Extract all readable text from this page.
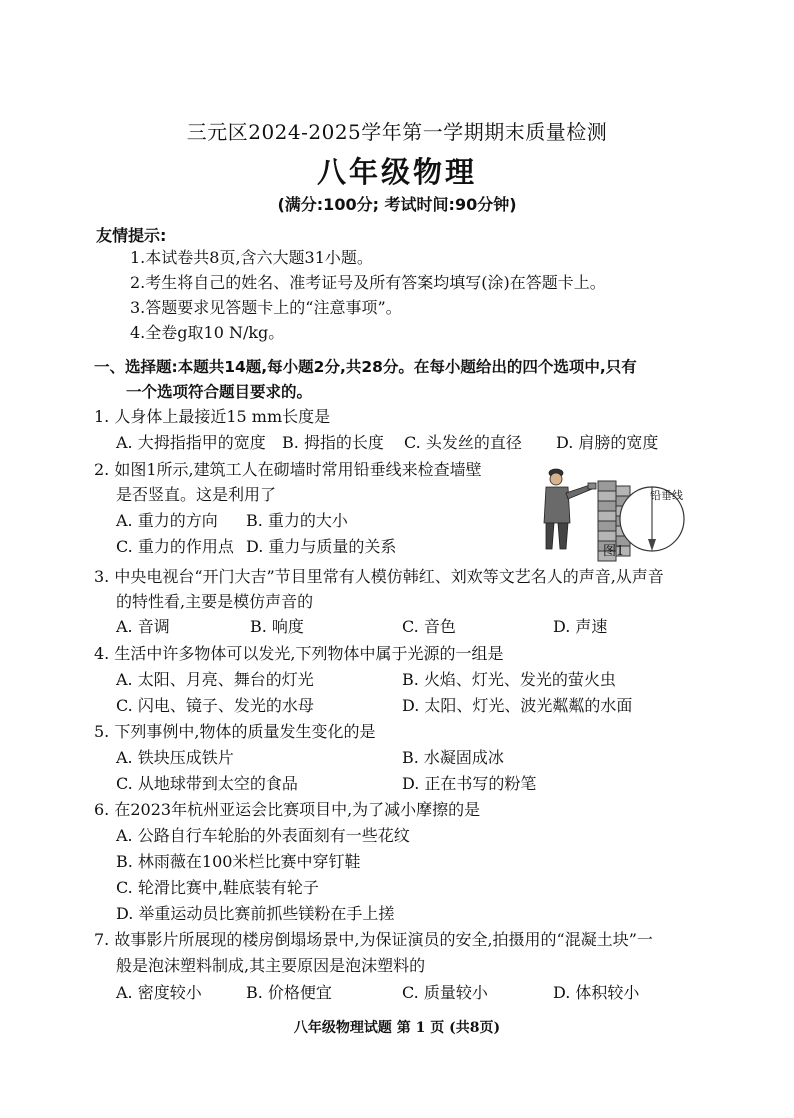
三元区2024-2025学年第一学期期末质量检测
八年级物理
(满分:100分; 考试时间:90分钟)
友情提示:
1.本试卷共8页,含六大题31小题。
2.考生将自己的姓名、准考证号及所有答案均填写(涂)在答题卡上。
3.答题要求见答题卡上的“注意事项”。
4.全卷g取10 N/kg。
一、选择题:本题共14题,每小题2分,共28分。在每小题给出的四个选项中,只有
一个选项符合题目要求的。
1. 人身体上最接近15 mm长度是
A. 大拇指指甲的宽度 B. 拇指的长度 C. 头发丝的直径 D. 肩膀的宽度
2. 如图1所示,建筑工人在砌墙时常用铅垂线来检查墙壁
是否竖直。这是利用了
A. 重力的方向 B. 重力的大小
C. 重力的作用点 D. 重力与质量的关系
铅垂线
图1
3. 中央电视台“开门大吉”节目里常有人模仿韩红、刘欢等文艺名人的声音,从声音
的特性看,主要是模仿声音的
A. 音调	B. 响度	C. 音色	D. 声速
4. 生活中许多物体可以发光,下列物体中属于光源的一组是
A. 太阳、月亮、舞台的灯光	B. 火焰、灯光、发光的萤火虫
C. 闪电、镜子、发光的水母	D. 太阳、灯光、波光粼粼的水面
5. 下列事例中,物体的质量发生变化的是
A. 铁块压成铁片	B. 水凝固成冰
C. 从地球带到太空的食品	D. 正在书写的粉笔
6. 在2023年杭州亚运会比赛项目中,为了减小摩擦的是
A. 公路自行车轮胎的外表面刻有一些花纹
B. 林雨薇在100米栏比赛中穿钉鞋
C. 轮滑比赛中,鞋底装有轮子
D. 举重运动员比赛前抓些镁粉在手上搓
7. 故事影片所展现的楼房倒塌场景中,为保证演员的安全,拍摄用的“混凝土块”一
般是泡沫塑料制成,其主要原因是泡沫塑料的
A. 密度较小	B. 价格便宜	C. 质量较小	D. 体积较小
八年级物理试题 第 1 页 (共8页)
